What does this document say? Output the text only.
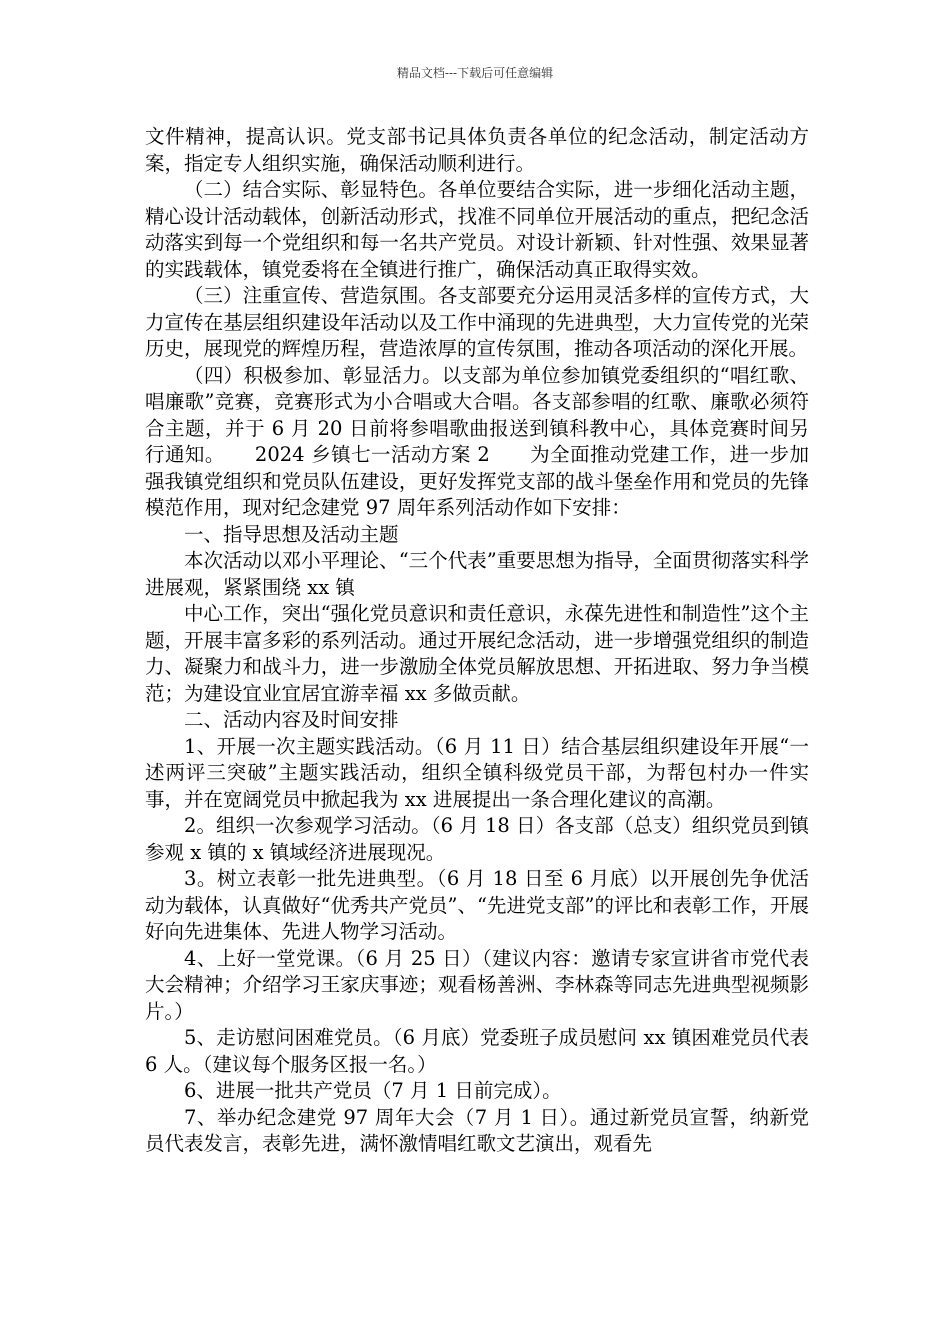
精品文档---下载后可任意编辑

文件精神，提高认识。党支部书记具体负责各单位的纪念活动，制定活动方案，指定专人组织实施，确保活动顺利进行。

（二）结合实际、彰显特色。各单位要结合实际，进一步细化活动主题，精心设计活动载体，创新活动形式，找准不同单位开展活动的重点，把纪念活动落实到每一个党组织和每一名共产党员。对设计新颖、针对性强、效果显著的实践载体，镇党委将在全镇进行推广，确保活动真正取得实效。

（三）注重宣传、营造氛围。各支部要充分运用灵活多样的宣传方式，大力宣传在基层组织建设年活动以及工作中涌现的先进典型，大力宣传党的光荣历史，展现党的辉煌历程，营造浓厚的宣传氛围，推动各项活动的深化开展。

（四）积极参加、彰显活力。以支部为单位参加镇党委组织的“唱红歌、唱廉歌”竞赛，竞赛形式为小合唱或大合唱。各支部参唱的红歌、廉歌必须符合主题，并于 6 月 20 日前将参唱歌曲报送到镇科教中心，具体竞赛时间另行通知。　　2024 乡镇七一活动方案 2　　为全面推动党建工作，进一步加强我镇党组织和党员队伍建设，更好发挥党支部的战斗堡垒作用和党员的先锋模范作用，现对纪念建党 97 周年系列活动作如下安排：

一、指导思想及活动主题

本次活动以邓小平理论、“三个代表”重要思想为指导，全面贯彻落实科学进展观，紧紧围绕 xx 镇

中心工作，突出“强化党员意识和责任意识，永葆先进性和制造性”这个主题，开展丰富多彩的系列活动。通过开展纪念活动，进一步增强党组织的制造力、凝聚力和战斗力，进一步激励全体党员解放思想、开拓进取、努力争当模范；为建设宜业宜居宜游幸福 xx 多做贡献。

二、活动内容及时间安排

1、开展一次主题实践活动。（6 月 11 日）结合基层组织建设年开展“一述两评三突破”主题实践活动，组织全镇科级党员干部，为帮包村办一件实事，并在宽阔党员中掀起我为 xx 进展提出一条合理化建议的高潮。

2。组织一次参观学习活动。（6 月 18 日）各支部（总支）组织党员到镇参观 x 镇的 x 镇域经济进展现况。

3。树立表彰一批先进典型。（6 月 18 日至 6 月底）以开展创先争优活动为载体，认真做好“优秀共产党员”、“先进党支部”的评比和表彰工作，开展好向先进集体、先进人物学习活动。

4、上好一堂党课。（6 月 25 日）（建议内容：邀请专家宣讲省市党代表大会精神；介绍学习王家庆事迹；观看杨善洲、李林森等同志先进典型视频影片。）

5、走访慰问困难党员。（6 月底）党委班子成员慰问 xx 镇困难党员代表 6 人。（建议每个服务区报一名。）

6、进展一批共产党员（7 月 1 日前完成）。

7、举办纪念建党 97 周年大会（7 月 1 日）。通过新党员宣誓，纳新党员代表发言，表彰先进，满怀激情唱红歌文艺演出，观看先
